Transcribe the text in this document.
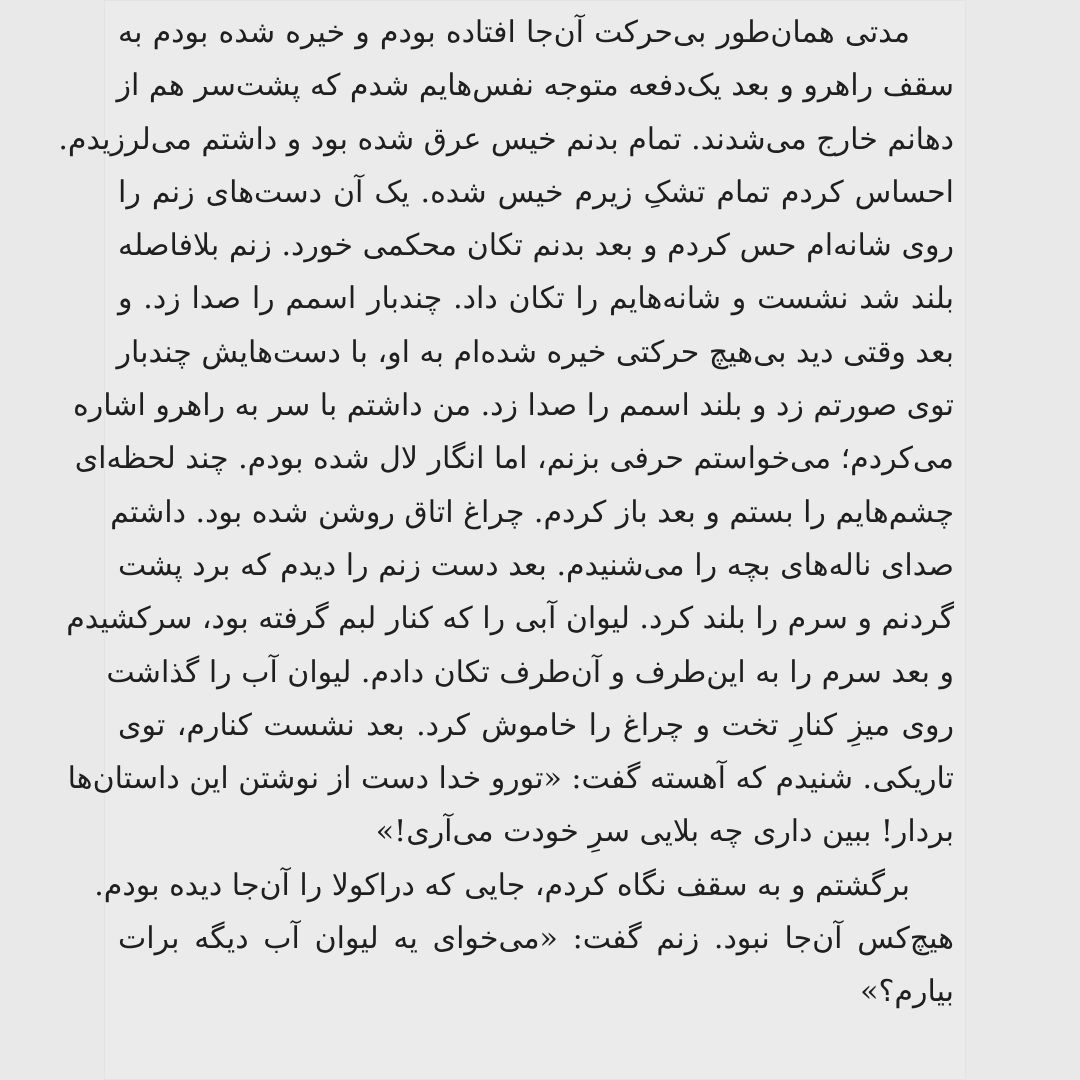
مدتی همان‌طور بی‌حرکت آن‌جا افتاده بودم و خیره شده بودم به
سقف راهرو و بعد یک‌دفعه متوجه نفس‌هایم شدم که پشت‌سر هم از
دهانم خارج می‌شدند. تمام بدنم خیس عرق شده بود و داشتم می‌لرزیدم.
احساس کردم تمام تشکِ زیرم خیس شده. یک آن دست‌های زنم را
روی شانه‌ام حس کردم و بعد بدنم تکان محکمی خورد. زنم بلافاصله
بلند شد نشست و شانه‌هایم را تکان داد. چندبار اسمم را صدا زد. و
بعد وقتی دید بی‌هیچ حرکتی خیره شده‌ام به او، با دست‌هایش چندبار
توی صورتم زد و بلند اسمم را صدا زد. من داشتم با سر به راهرو اشاره
می‌کردم؛ می‌خواستم حرفی بزنم، اما انگار لال شده بودم. چند لحظه‌ای
چشم‌هایم را بستم و بعد باز کردم. چراغ اتاق روشن شده بود. داشتم
صدای ناله‌های بچه را می‌شنیدم. بعد دست زنم را دیدم که برد پشت
گردنم و سرم را بلند کرد. لیوان آبی را که کنار لبم گرفته بود، سرکشیدم
و بعد سرم را به این‌طرف و آن‌طرف تکان دادم. لیوان آب را گذاشت
روی میزِ کنارِ تخت و چراغ را خاموش کرد. بعد نشست کنارم، توی
تاریکی. شنیدم که آهسته گفت: «تورو خدا دست از نوشتن این داستان‌ها
بردار! ببین داری چه بلایی سرِ خودت می‌آری!»
برگشتم و به سقف نگاه کردم، جایی که دراکولا را آن‌جا دیده بودم.
هیچ‌کس آن‌جا نبود. زنم گفت: «می‌خوای یه لیوان آب دیگه برات
بیارم؟»
